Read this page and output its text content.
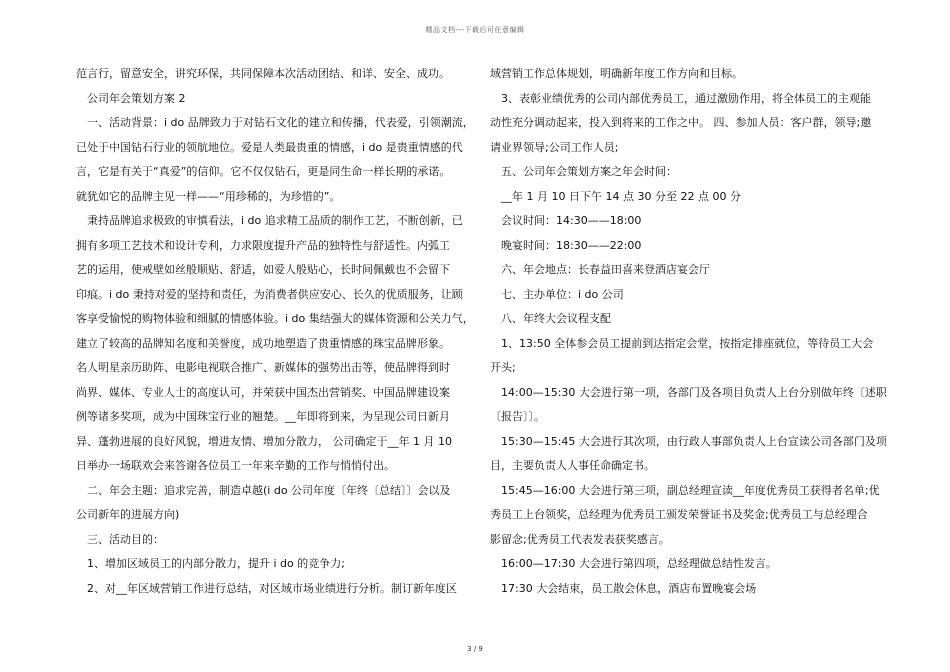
精品文档---下载后可任意编辑
范言行，留意安全，讲究环保，共同保障本次活动团结、和详、安全、成功。
公司年会策划方案 2
一、活动背景：i do 品牌致力于对钻石文化的建立和传播，代表爱，引领潮流，
已处于中国钻石行业的领航地位。爱是人类最贵重的情感，i do 是贵重情感的代
言，它是有关于“真爱”的信仰。它不仅仅钻石，更是同生命一样长期的承诺。
就犹如它的品牌主见一样——“用珍稀的，为珍惜的”。
秉持品牌追求极致的审慎看法，i do 追求精工品质的制作工艺，不断创新，已
拥有多项工艺技术和设计专利，力求限度提升产品的独特性与舒适性。内弧工
艺的运用，使戒壁如丝般顺贴、舒适，如爱人般贴心，长时间佩戴也不会留下
印痕。i do 秉持对爱的坚持和责任，为消费者供应安心、长久的优质服务，让顾
客享受愉悦的购物体验和细腻的情感体验。i do 集结强大的媒体资源和公关力气，
建立了较高的品牌知名度和美誉度，成功地塑造了贵重情感的珠宝品牌形象。
名人明星亲历助阵、电影电视联合推广、新媒体的强势出击等，使品牌得到时
尚界、媒体、专业人士的高度认可，并荣获中国杰出营销奖、中国品牌建设案
例等诸多奖项，成为中国珠宝行业的翘楚。__年即将到来，为呈现公司日新月
异、蓬勃进展的良好风貌，增进友情、增加分散力， 公司确定于__年 1 月 10
日举办一场联欢会来答谢各位员工一年来辛勤的工作与悄悄付出。
二、年会主题：追求完善，制造卓越(i do 公司年度〔年终〔总结〕〕会以及
公司新年的进展方向)
三、活动目的：
1、增加区域员工的内部分散力，提升 i do 的竞争力;
2、对__年区域营销工作进行总结，对区域市场业绩进行分析。制订新年度区
域营销工作总体规划，明确新年度工作方向和目标。
3、表彰业绩优秀的公司内部优秀员工，通过激励作用，将全体员工的主观能
动性充分调动起来，投入到将来的工作之中。 四、参加人员：客户群，领导;邀
请业界领导;公司工作人员;
五、公司年会策划方案之年会时间：
__年 1 月 10 日下午 14 点 30 分至 22 点 00 分
会议时间：14:30——18:00
晚宴时间：18:30——22:00
六、年会地点：长春益田喜来登酒店宴会厅
七、主办单位：i do 公司
八、年终大会议程支配
1、13:50 全体参会员工提前到达指定会堂，按指定排座就位，等待员工大会
开头;
14:00—15:30 大会进行第一项，各部门及各项目负责人上台分别做年终〔述职
〔报告〕〕。
15:30—15:45 大会进行其次项，由行政人事部负责人上台宣读公司各部门及项
目，主要负责人人事任命确定书。
15:45—16:00 大会进行第三项，副总经理宣读__年度优秀员工获得者名单;优
秀员工上台领奖，总经理为优秀员工颁发荣誉证书及奖金;优秀员工与总经理合
影留念;优秀员工代表发表获奖感言。
16:00—17:30 大会进行第四项，总经理做总结性发言。
17:30 大会结束，员工散会休息，酒店布置晚宴会场
3 / 9
